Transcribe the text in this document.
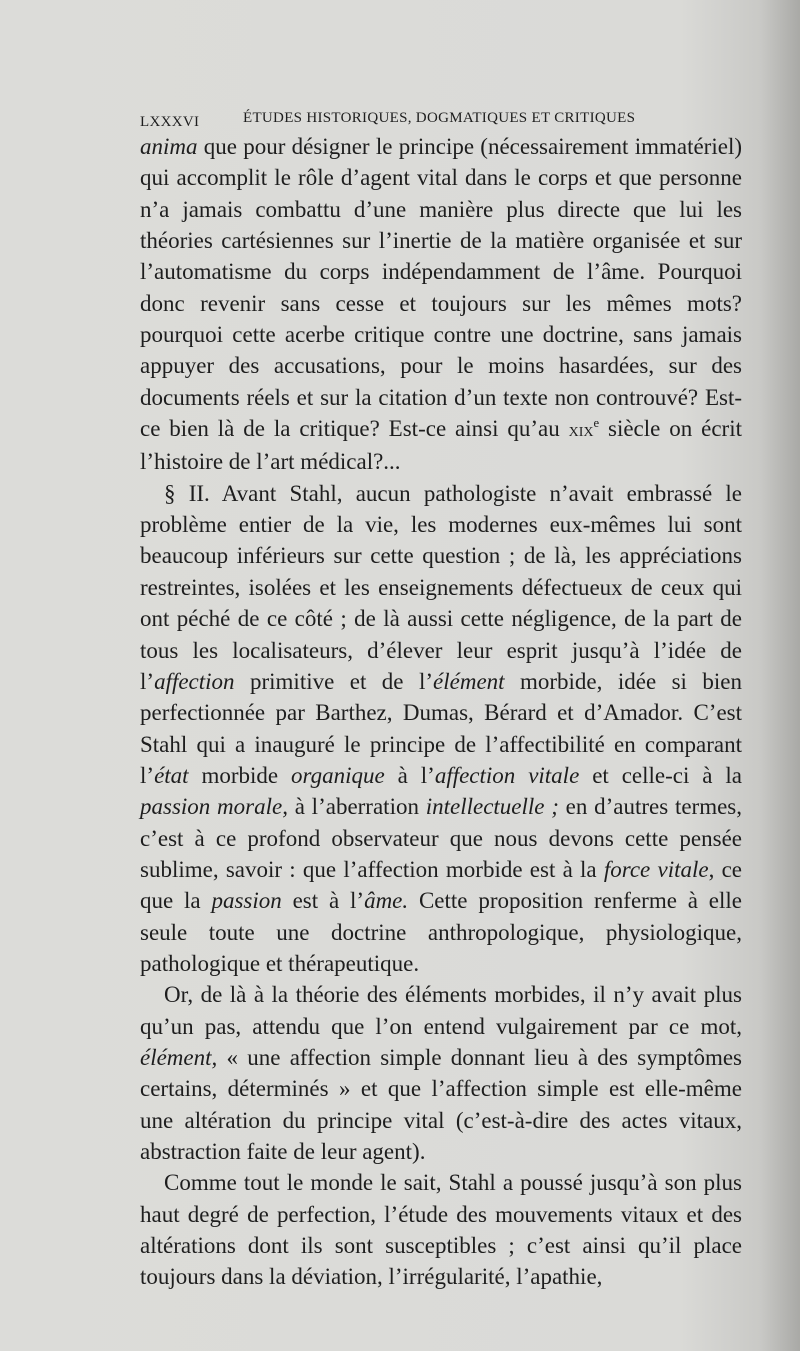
LXXXVI	ÉTUDES HISTORIQUES, DOGMATIQUES ET CRITIQUES

anima que pour désigner le principe (nécessairement immatériel) qui accomplit le rôle d’agent vital dans le corps et que personne n’a jamais combattu d’une manière plus directe que lui les théories cartésiennes sur l’inertie de la matière organisée et sur l’automatisme du corps indépendamment de l’âme. Pourquoi donc revenir sans cesse et toujours sur les mêmes mots? pourquoi cette acerbe critique contre une doctrine, sans jamais appuyer des accusations, pour le moins hasardées, sur des documents réels et sur la citation d’un texte non controuvé? Est-ce bien là de la critique? Est-ce ainsi qu’au xix$^e$ siècle on écrit l’histoire de l’art médical?...

§ II. Avant Stahl, aucun pathologiste n’avait embrassé le problème entier de la vie, les modernes eux-mêmes lui sont beaucoup inférieurs sur cette question ; de là, les appréciations restreintes, isolées et les enseignements défectueux de ceux qui ont péché de ce côté ; de là aussi cette négligence, de la part de tous les localisateurs, d’élever leur esprit jusqu’à l’idée de l’affection primitive et de l’élément morbide, idée si bien perfectionnée par Barthez, Dumas, Bérard et d’Amador. C’est Stahl qui a inauguré le principe de l’affectibilité en comparant l’état morbide organique à l’affection vitale et celle-ci à la passion morale, à l’aberration intellectuelle ; en d’autres termes, c’est à ce profond observateur que nous devons cette pensée sublime, savoir : que l’affection morbide est à la force vitale, ce que la passion est à l’âme. Cette proposition renferme à elle seule toute une doctrine anthropologique, physiologique, pathologique et thérapeutique.

Or, de là à la théorie des éléments morbides, il n’y avait plus qu’un pas, attendu que l’on entend vulgairement par ce mot, élément, « une affection simple donnant lieu à des symptômes certains, déterminés » et que l’affection simple est elle-même une altération du principe vital (c’est-à-dire des actes vitaux, abstraction faite de leur agent).

Comme tout le monde le sait, Stahl a poussé jusqu’à son plus haut degré de perfection, l’étude des mouvements vitaux et des altérations dont ils sont susceptibles ; c’est ainsi qu’il place toujours dans la déviation, l’irrégularité, l’apathie,
